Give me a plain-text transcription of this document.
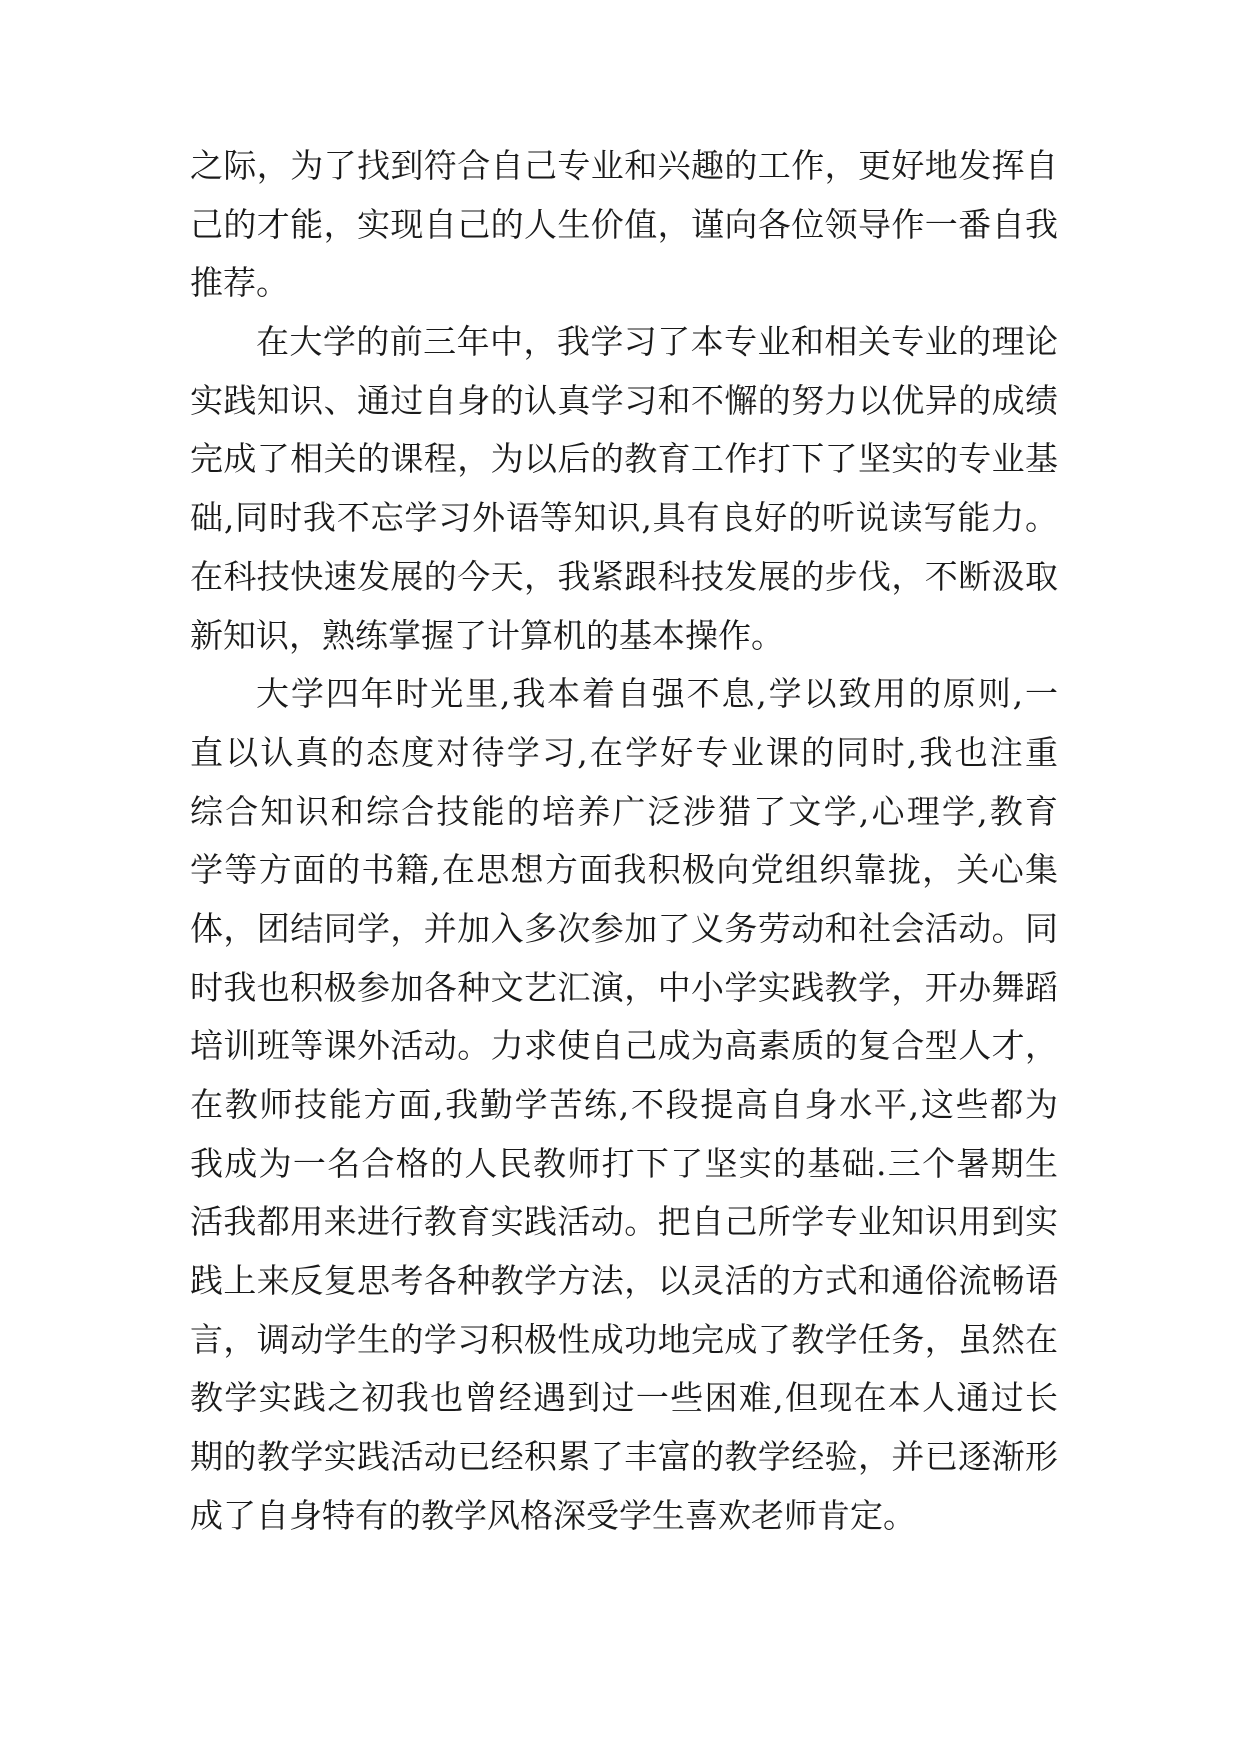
之际，为了找到符合自己专业和兴趣的工作，更好地发挥自
己的才能，实现自己的人生价值，谨向各位领导作一番自我
推荐。
在大学的前三年中，我学习了本专业和相关专业的理论
实践知识、通过自身的认真学习和不懈的努力以优异的成绩
完成了相关的课程，为以后的教育工作打下了坚实的专业基
础,同时我不忘学习外语等知识,具有良好的听说读写能力。
在科技快速发展的今天，我紧跟科技发展的步伐，不断汲取
新知识，熟练掌握了计算机的基本操作。
大学四年时光里,我本着自强不息,学以致用的原则,一
直以认真的态度对待学习,在学好专业课的同时,我也注重
综合知识和综合技能的培养广泛涉猎了文学,心理学,教育
学等方面的书籍,在思想方面我积极向党组织靠拢，关心集
体，团结同学，并加入多次参加了义务劳动和社会活动。同
时我也积极参加各种文艺汇演，中小学实践教学，开办舞蹈
培训班等课外活动。力求使自己成为高素质的复合型人才，
在教师技能方面,我勤学苦练,不段提高自身水平,这些都为
我成为一名合格的人民教师打下了坚实的基础.三个暑期生
活我都用来进行教育实践活动。把自己所学专业知识用到实
践上来反复思考各种教学方法，以灵活的方式和通俗流畅语
言，调动学生的学习积极性成功地完成了教学任务，虽然在
教学实践之初我也曾经遇到过一些困难,但现在本人通过长
期的教学实践活动已经积累了丰富的教学经验，并已逐渐形
成了自身特有的教学风格深受学生喜欢老师肯定。
